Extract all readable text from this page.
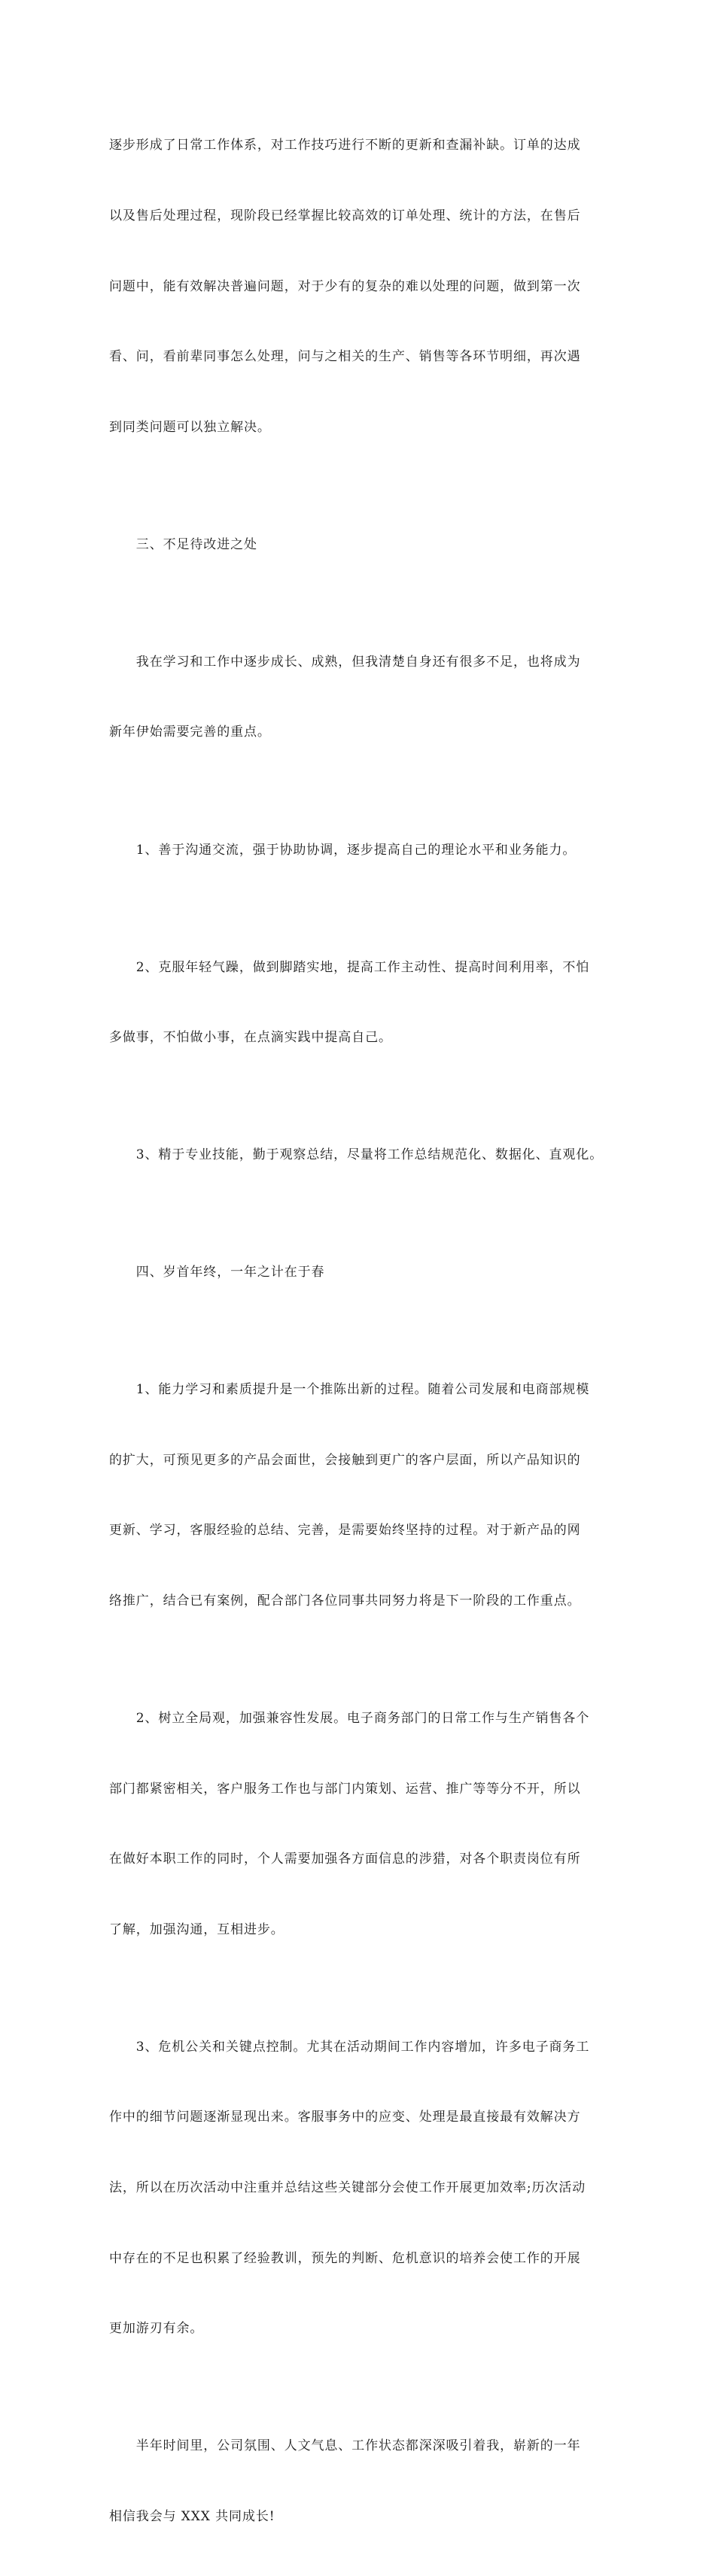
逐步形成了日常工作体系，对工作技巧进行不断的更新和查漏补缺。订单的达成

以及售后处理过程，现阶段已经掌握比较高效的订单处理、统计的方法，在售后

问题中，能有效解决普遍问题，对于少有的复杂的难以处理的问题，做到第一次

看、问，看前辈同事怎么处理，问与之相关的生产、销售等各环节明细，再次遇

到同类问题可以独立解决。

　　三、不足待改进之处

　　我在学习和工作中逐步成长、成熟，但我清楚自身还有很多不足，也将成为

新年伊始需要完善的重点。

　　1、善于沟通交流，强于协助协调，逐步提高自己的理论水平和业务能力。

　　2、克服年轻气躁，做到脚踏实地，提高工作主动性、提高时间利用率，不怕

多做事，不怕做小事，在点滴实践中提高自己。

　　3、精于专业技能，勤于观察总结，尽量将工作总结规范化、数据化、直观化。

　　四、岁首年终，一年之计在于春

　　1、能力学习和素质提升是一个推陈出新的过程。随着公司发展和电商部规模

的扩大，可预见更多的产品会面世，会接触到更广的客户层面，所以产品知识的

更新、学习，客服经验的总结、完善，是需要始终坚持的过程。对于新产品的网

络推广，结合已有案例，配合部门各位同事共同努力将是下一阶段的工作重点。

　　2、树立全局观，加强兼容性发展。电子商务部门的日常工作与生产销售各个

部门都紧密相关，客户服务工作也与部门内策划、运营、推广等等分不开，所以

在做好本职工作的同时，个人需要加强各方面信息的涉猎，对各个职责岗位有所

了解，加强沟通，互相进步。

　　3、危机公关和关键点控制。尤其在活动期间工作内容增加，许多电子商务工

作中的细节问题逐渐显现出来。客服事务中的应变、处理是最直接最有效解决方

法，所以在历次活动中注重并总结这些关键部分会使工作开展更加效率;历次活动

中存在的不足也积累了经验教训，预先的判断、危机意识的培养会使工作的开展

更加游刃有余。

　　半年时间里，公司氛围、人文气息、工作状态都深深吸引着我，崭新的一年

相信我会与 XXX 共同成长!
